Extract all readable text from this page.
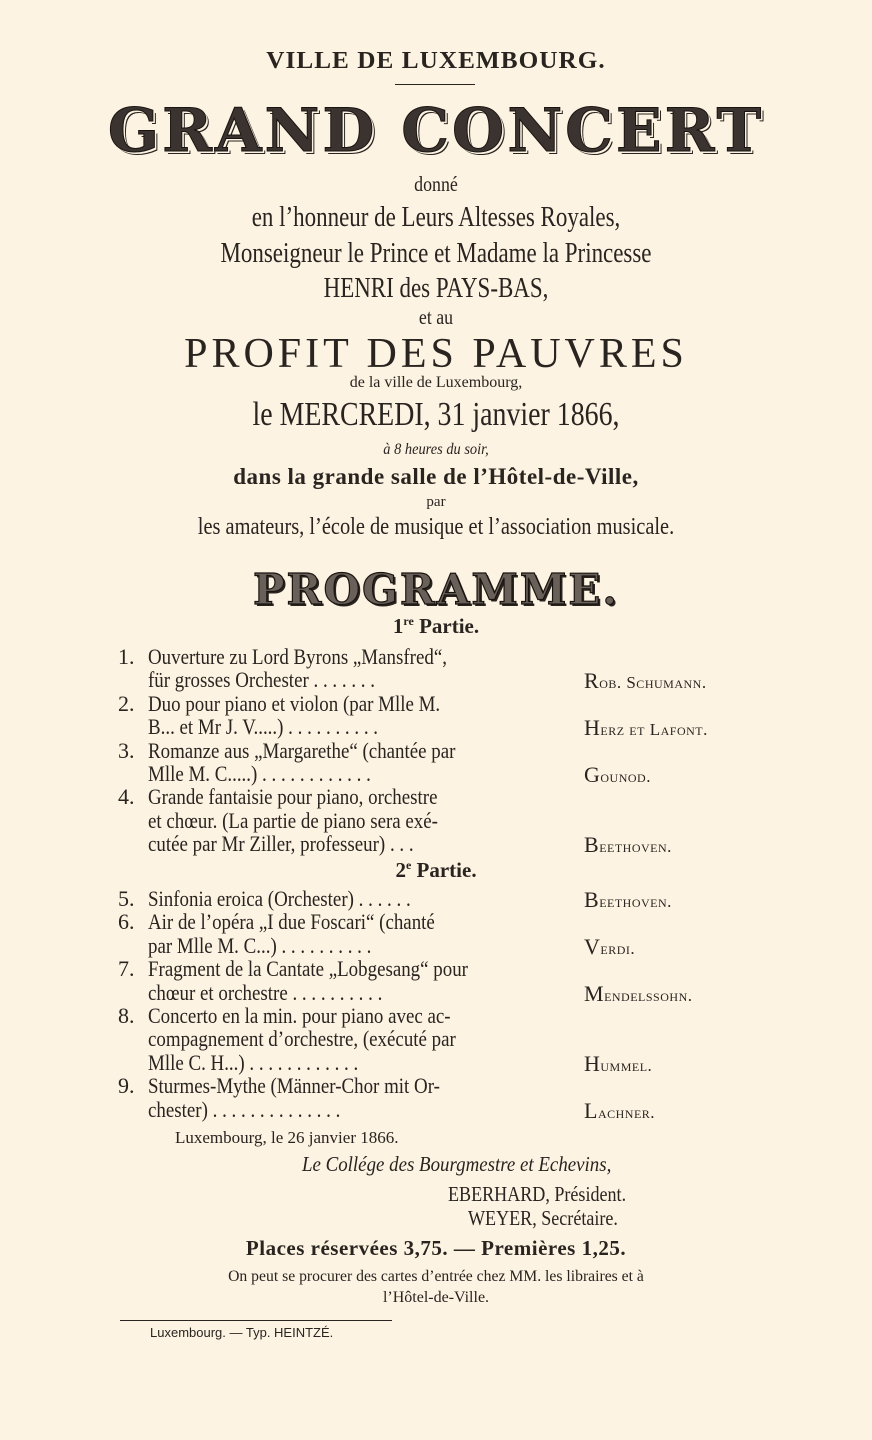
VILLE DE LUXEMBOURG.
GRAND CONCERT
donné
en l’honneur de Leurs Altesses Royales,
Monseigneur le Prince et Madame la Princesse
HENRI des PAYS-BAS,
et au
PROFIT DES PAUVRES
de la ville de Luxembourg,
le MERCREDI, 31 janvier 1866,
à 8 heures du soir,
dans la grande salle de l’Hôtel-de-Ville,
par
les amateurs, l’école de musique et l’association musicale.
PROGRAMME.
1re Partie.
1. Ouverture zu Lord Byrons „Mansfred“,
für grosses Orchester . . . . . . .	Rob. Schumann.
2. Duo pour piano et violon (par Mlle M.
B... et Mr J. V.....) . . . . . . . . . .	Herz et Lafont.
3. Romanze aus „Margarethe“ (chantée par
Mlle M. C.....) . . . . . . . . . . . .	Gounod.
4. Grande fantaisie pour piano, orchestre
et chœur. (La partie de piano sera exé-
cutée par Mr Ziller, professeur) . . .	Beethoven.
2e Partie.
5. Sinfonia eroica (Orchester) . . . . . .	Beethoven.
6. Air de l’opéra „I due Foscari“ (chanté
par Mlle M. C...) . . . . . . . . . .	Verdi.
7. Fragment de la Cantate „Lobgesang“ pour
chœur et orchestre . . . . . . . . . .	Mendelssohn.
8. Concerto en la min. pour piano avec ac-
compagnement d’orchestre, (exécuté par
Mlle C. H...) . . . . . . . . . . . .	Hummel.
9. Sturmes-Mythe (Männer-Chor mit Or-
chester) . . . . . . . . . . . . . .	Lachner.
Luxembourg, le 26 janvier 1866.
Le Collége des Bourgmestre et Echevins,
EBERHARD, Président.
WEYER, Secrétaire.
Places réservées 3,75. — Premières 1,25.
On peut se procurer des cartes d’entrée chez MM. les libraires et à
l’Hôtel-de-Ville.
Luxembourg. — Typ. HEINTZÉ.
